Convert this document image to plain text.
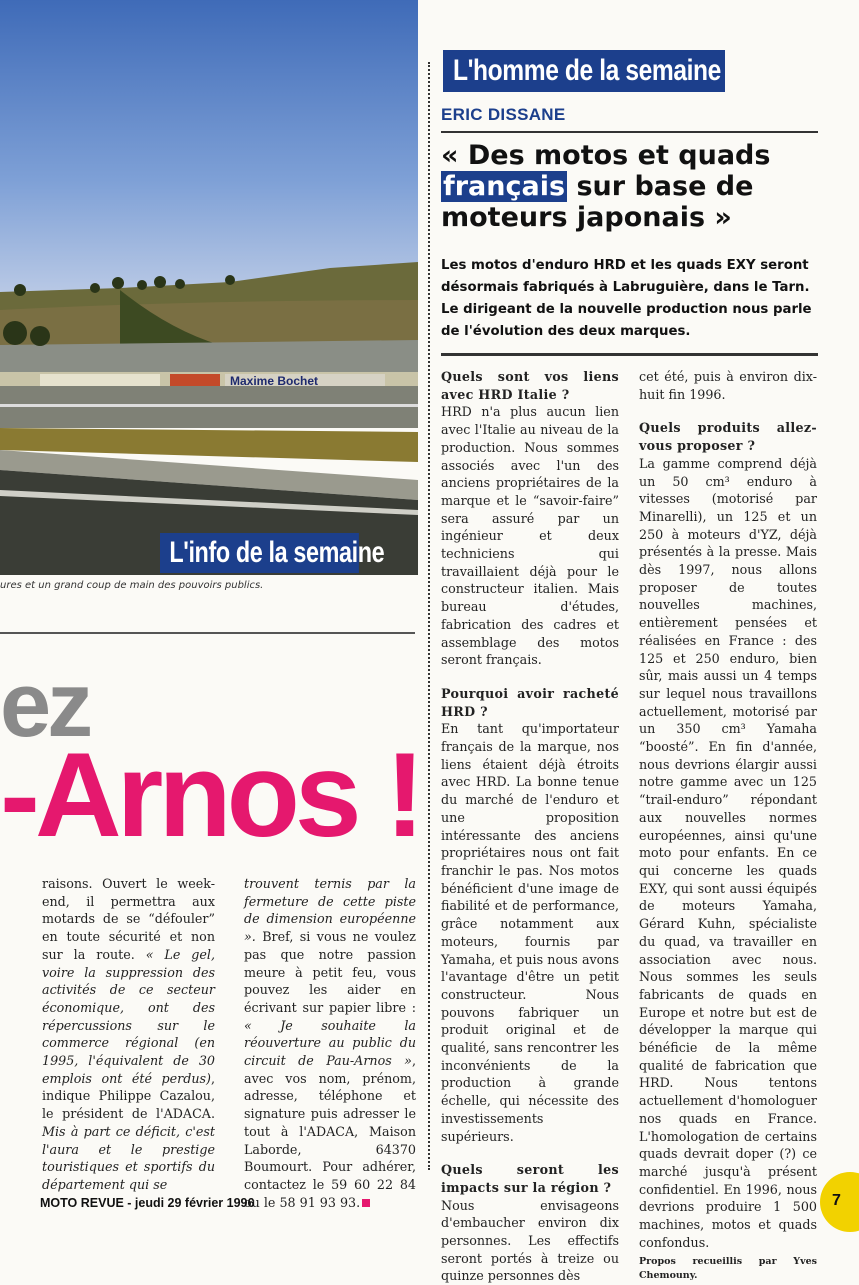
Maxime Bochet
L'info de la semaine
ures et un grand coup de main des pouvoirs publics.
ez
-Arnos !

raisons. Ouvert le week-end, il permettra aux motards de se “défouler” en toute sécurité et non sur la route. « Le gel, voire la suppression des activités de ce secteur économique, ont des répercussions sur le commerce régional (en 1995, l'équivalent de 30 emplois ont été perdus), indique Philippe Cazalou, le président de l'ADACA. Mis à part ce déficit, c'est l'aura et le prestige touristiques et sportifs du département qui se

trouvent ternis par la fermeture de cette piste de dimension européenne ». Bref, si vous ne voulez pas que notre passion meure à petit feu, vous pouvez les aider en écrivant sur papier libre : « Je souhaite la réouverture au public du circuit de Pau-Arnos », avec vos nom, prénom, adresse, téléphone et signature puis adresser le tout à l'ADACA, Maison Laborde, 64370 Boumourt. Pour adhérer, contactez le 59 60 22 84 ou le 58 91 93 93.

L'homme de la semaine
ERIC DISSANE
« Des motos et quads français sur base de moteurs japonais »
Les motos d'enduro HRD et les quads EXY seront désormais fabriqués à Labruguière, dans le Tarn. Le dirigeant de la nouvelle production nous parle de l'évolution des deux marques.

Quels sont vos liens avec HRD Italie ?

HRD n'a plus aucun lien avec l'Italie au niveau de la production. Nous sommes associés avec l'un des anciens propriétaires de la marque et le “savoir-faire” sera assuré par un ingénieur et deux techniciens qui travaillaient déjà pour le constructeur italien. Mais bureau d'études, fabrication des cadres et assemblage des motos seront français.

Pourquoi avoir racheté HRD ?

En tant qu'importateur français de la marque, nos liens étaient déjà étroits avec HRD. La bonne tenue du marché de l'enduro et une proposition intéressante des anciens propriétaires nous ont fait franchir le pas. Nos motos bénéficient d'une image de fiabilité et de performance, grâce notamment aux moteurs, fournis par Yamaha, et puis nous avons l'avantage d'être un petit constructeur. Nous pouvons fabriquer un produit original et de qualité, sans rencontrer les inconvénients de la production à grande échelle, qui nécessite des investissements supérieurs.

Quels seront les impacts sur la région ?

Nous envisageons d'embaucher environ dix personnes. Les effectifs seront portés à treize ou quinze personnes dès

cet été, puis à environ dix-huit fin 1996.

Quels produits allez-vous proposer ?

La gamme comprend déjà un 50 cm³ enduro à vitesses (motorisé par Minarelli), un 125 et un 250 à moteurs d'YZ, déjà présentés à la presse. Mais dès 1997, nous allons proposer de toutes nouvelles machines, entièrement pensées et réalisées en France : des 125 et 250 enduro, bien sûr, mais aussi un 4 temps sur lequel nous travaillons actuellement, motorisé par un 350 cm³ Yamaha “boosté”. En fin d'année, nous devrions élargir aussi notre gamme avec un 125 “trail-enduro” répondant aux nouvelles normes européennes, ainsi qu'une moto pour enfants. En ce qui concerne les quads EXY, qui sont aussi équipés de moteurs Yamaha, Gérard Kuhn, spécialiste du quad, va travailler en association avec nous. Nous sommes les seuls fabricants de quads en Europe et notre but est de développer la marque qui bénéficie de la même qualité de fabrication que HRD. Nous tentons actuellement d'homologuer nos quads en France. L'homologation de certains quads devrait doper (?) ce marché jusqu'à présent confidentiel. En 1996, nous devrions produire 1 500 machines, motos et quads confondus.

Propos recueillis par Yves Chemouny.

MOTO REVUE - jeudi 29 février 1996	7
